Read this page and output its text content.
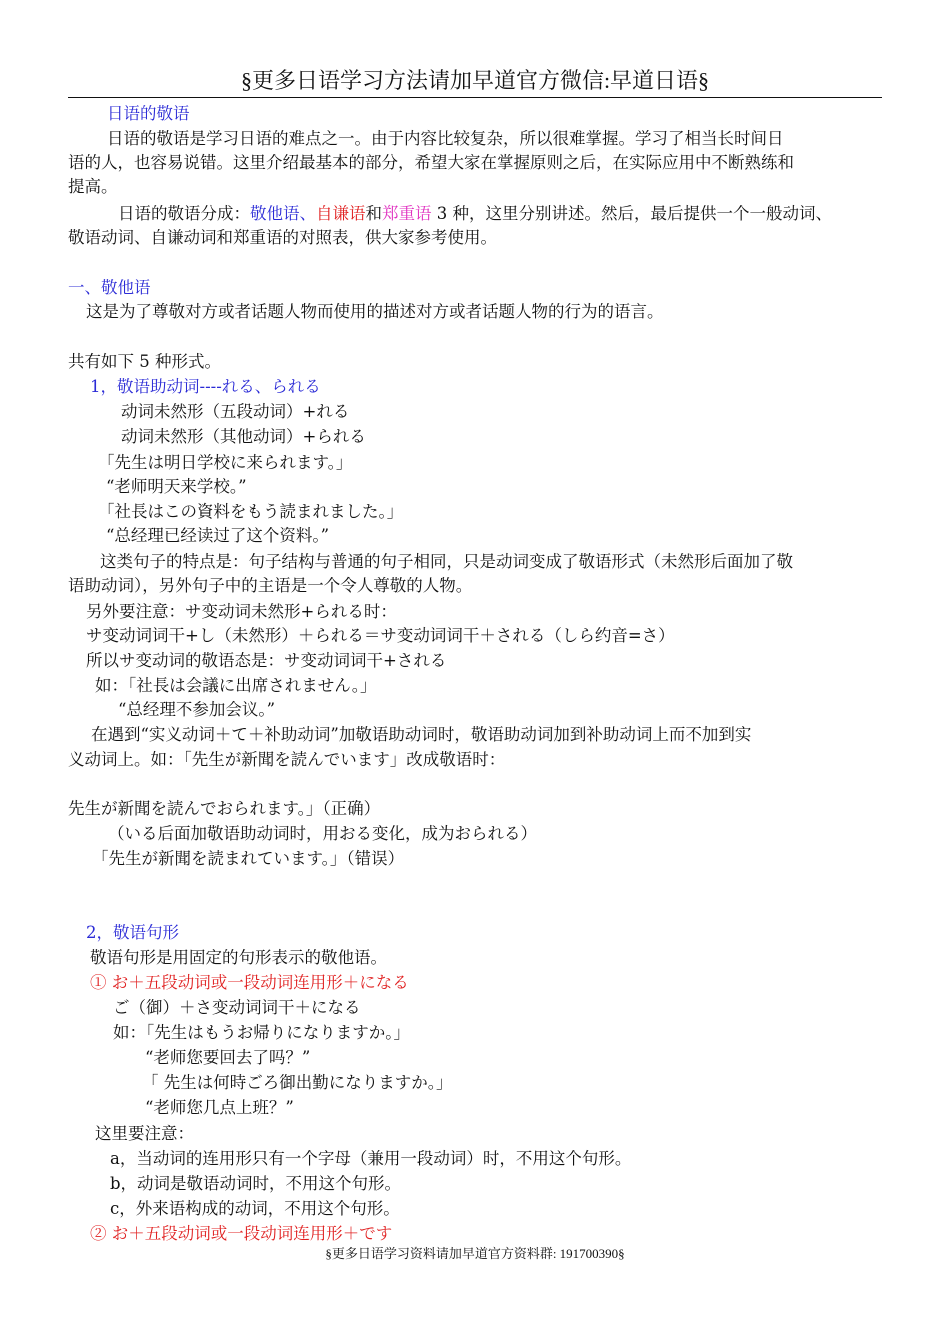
§更多日语学习方法请加早道官方微信:早道日语§
日语的敬语
日语的敬语是学习日语的难点之一。由于内容比较复杂，所以很难掌握。学习了相当长时间日
语的人，也容易说错。这里介绍最基本的部分，希望大家在掌握原则之后，在实际应用中不断熟练和
提高。
日语的敬语分成：敬他语、自谦语和郑重语 3 种，这里分别讲述。然后，最后提供一个一般动词、
敬语动词、自谦动词和郑重语的对照表，供大家参考使用。
一、敬他语
这是为了尊敬对方或者话题人物而使用的描述对方或者话题人物的行为的语言。
共有如下 5 种形式。
1，敬语助动词----れる、られる
动词未然形（五段动词）+れる
动词未然形（其他动词）+られる
「先生は明日学校に来られます。」
“老师明天来学校。”
「社長はこの資料をもう読まれました。」
“总经理已经读过了这个资料。”
这类句子的特点是：句子结构与普通的句子相同，只是动词变成了敬语形式（未然形后面加了敬
语助动词），另外句子中的主语是一个令人尊敬的人物。
另外要注意：サ变动词未然形+られる时：
サ变动词词干+し（未然形）＋られる＝サ变动词词干＋される（しら约音=さ）
所以サ变动词的敬语态是：サ变动词词干+される
如：「社長は会議に出席されません。」
“总经理不参加会议。”
在遇到“实义动词＋て＋补助动词”加敬语助动词时，敬语助动词加到补助动词上而不加到实
义动词上。如：「先生が新聞を読んでいます」改成敬语时：
先生が新聞を読んでおられます。」（正确）
（いる后面加敬语助动词时，用おる变化，成为おられる）
「先生が新聞を読まれています。」（错误）
2，敬语句形
敬语句形是用固定的句形表示的敬他语。
① お＋五段动词或一段动词连用形＋になる
ご（御）＋さ变动词词干＋になる
如：「先生はもうお帰りになりますか。」
“老师您要回去了吗？”
「 先生は何時ごろ御出勤になりますか。」
“老师您几点上班？”
这里要注意：
a，当动词的连用形只有一个字母（兼用一段动词）时，不用这个句形。
b，动词是敬语动词时，不用这个句形。
c，外来语构成的动词，不用这个句形。
② お＋五段动词或一段动词连用形＋です
§更多日语学习资料请加早道官方资料群: 191700390§
